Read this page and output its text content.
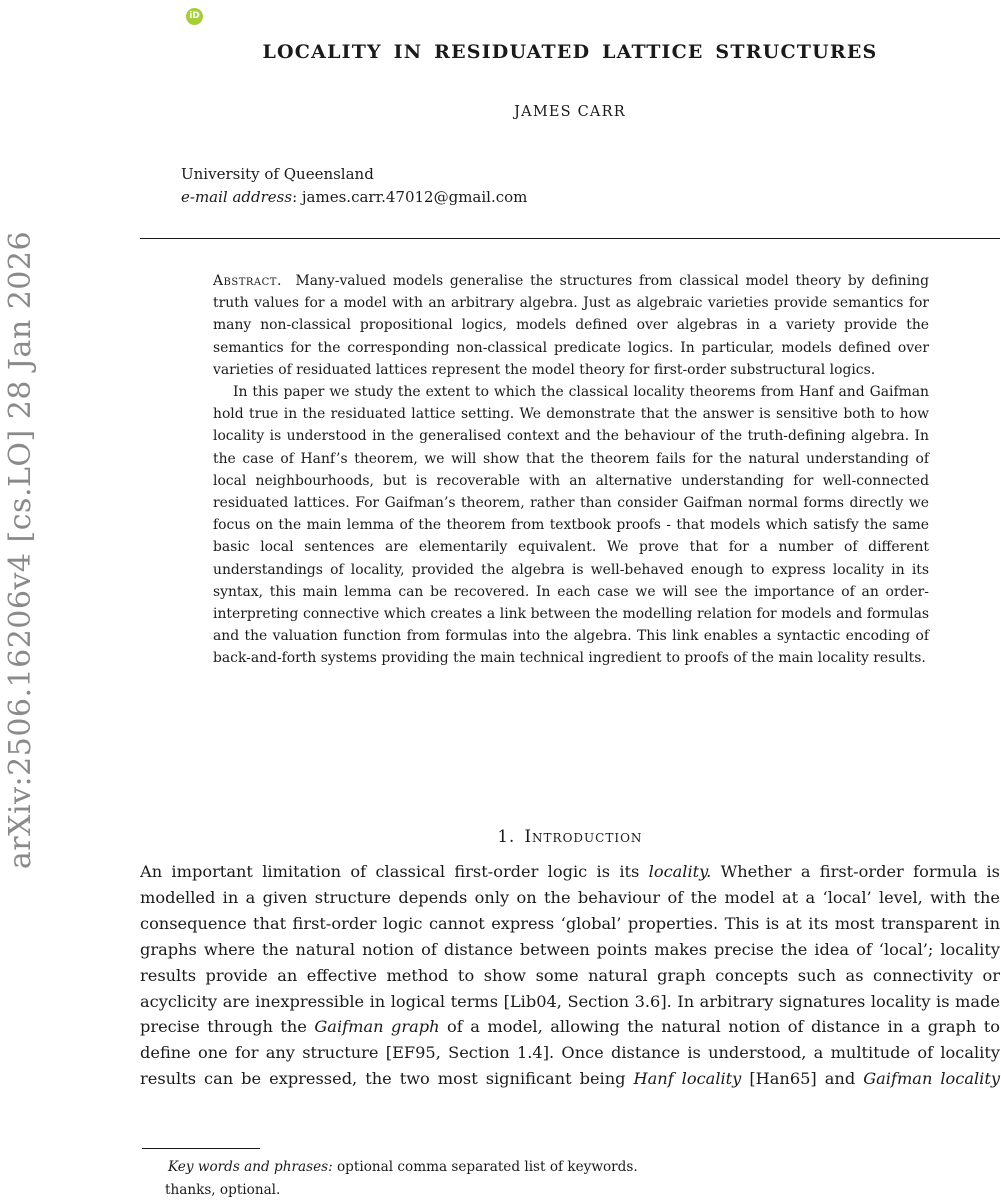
arXiv:2506.16206v4 [cs.LO] 28 Jan 2026
iD
LOCALITY IN RESIDUATED LATTICE STRUCTURES
JAMES CARR
University of Queensland
e-mail address: james.carr.47012@gmail.com

Abstract. Many-valued models generalise the structures from classical model theory by defining truth values for a model with an arbitrary algebra. Just as algebraic varieties provide semantics for many non-classical propositional logics, models defined over algebras in a variety provide the semantics for the corresponding non-classical predicate logics. In particular, models defined over varieties of residuated lattices represent the model theory for first-order substructural logics.

In this paper we study the extent to which the classical locality theorems from Hanf and Gaifman hold true in the residuated lattice setting. We demonstrate that the answer is sensitive both to how locality is understood in the generalised context and the behaviour of the truth-defining algebra. In the case of Hanf’s theorem, we will show that the theorem fails for the natural understanding of local neighbourhoods, but is recoverable with an alternative understanding for well-connected residuated lattices. For Gaifman’s theorem, rather than consider Gaifman normal forms directly we focus on the main lemma of the theorem from textbook proofs - that models which satisfy the same basic local sentences are elementarily equivalent. We prove that for a number of different understandings of locality, provided the algebra is well-behaved enough to express locality in its syntax, this main lemma can be recovered. In each case we will see the importance of an order-interpreting connective which creates a link between the modelling relation for models and formulas and the valuation function from formulas into the algebra. This link enables a syntactic encoding of back-and-forth systems providing the main technical ingredient to proofs of the main locality results.

1. Introduction
An important limitation of classical first-order logic is its locality. Whether a first-order formula is modelled in a given structure depends only on the behaviour of the model at a ‘local’ level, with the consequence that first-order logic cannot express ‘global’ properties. This is at its most transparent in graphs where the natural notion of distance between points makes precise the idea of ‘local’; locality results provide an effective method to show some natural graph concepts such as connectivity or acyclicity are inexpressible in logical terms [Lib04, Section 3.6]. In arbitrary signatures locality is made precise through the Gaifman graph of a model, allowing the natural notion of distance in a graph to define one for any structure [EF95, Section 1.4]. Once distance is understood, a multitude of locality results can be expressed, the two most significant being Hanf locality [Han65] and Gaifman locality
Key words and phrases: optional comma separated list of keywords.
thanks, optional.
